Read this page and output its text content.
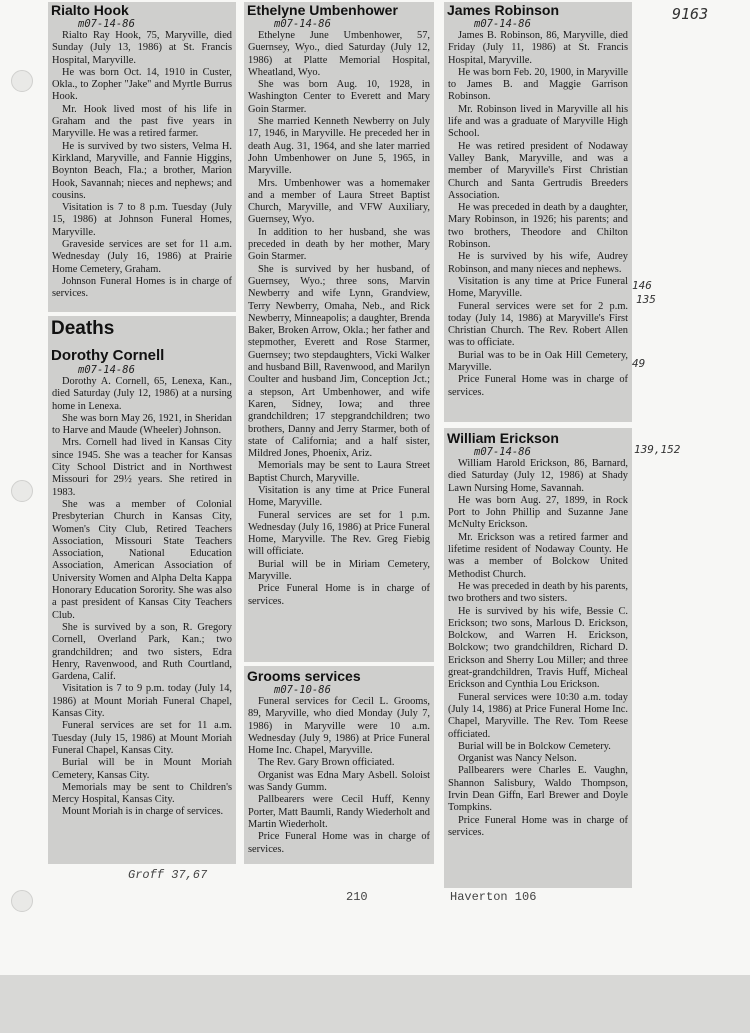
9163
Rialto Hook
m07-14-86

Rialto Ray Hook, 75, Maryville, died Sunday (July 13, 1986) at St. Francis Hospital, Maryville.

He was born Oct. 14, 1910 in Custer, Okla., to Zopher "Jake" and Myrtle Burrus Hook.

Mr. Hook lived most of his life in Graham and the past five years in Maryville. He was a retired farmer.

He is survived by two sisters, Velma H. Kirkland, Maryville, and Fannie Higgins, Boynton Beach, Fla.; a brother, Marion Hook, Savannah; nieces and nephews; and cousins.

Visitation is 7 to 8 p.m. Tuesday (July 15, 1986) at Johnson Funeral Homes, Maryville.

Graveside services are set for 11 a.m. Wednesday (July 16, 1986) at Prairie Home Cemetery, Graham.

Johnson Funeral Homes is in charge of services.

Deaths
Dorothy Cornell
m07-14-86

Dorothy A. Cornell, 65, Lenexa, Kan., died Saturday (July 12, 1986) at a nursing home in Lenexa.

She was born May 26, 1921, in Sheridan to Harve and Maude (Wheeler) Johnson.

Mrs. Cornell had lived in Kansas City since 1945. She was a teacher for Kansas City School District and in Northwest Missouri for 29½ years. She retired in 1983.

She was a member of Colonial Presbyterian Church in Kansas City, Women's City Club, Retired Teachers Association, Missouri State Teachers Association, National Education Association, American Association of University Women and Alpha Delta Kappa Honorary Education Sorority. She was also a past president of Kansas City Teachers Club.

She is survived by a son, R. Gregory Cornell, Overland Park, Kan.; two grandchildren; and two sisters, Edra Henry, Ravenwood, and Ruth Courtland, Gardena, Calif.

Visitation is 7 to 9 p.m. today (July 14, 1986) at Mount Moriah Funeral Chapel, Kansas City.

Funeral services are set for 11 a.m. Tuesday (July 15, 1986) at Mount Moriah Funeral Chapel, Kansas City.

Burial will be in Mount Moriah Cemetery, Kansas City.

Memorials may be sent to Children's Mercy Hospital, Kansas City.

Mount Moriah is in charge of services.

Ethelyne Umbenhower
m07-14-86

Ethelyne June Umbenhower, 57, Guernsey, Wyo., died Saturday (July 12, 1986) at Platte Memorial Hospital, Wheatland, Wyo.

She was born Aug. 10, 1928, in Washington Center to Everett and Mary Goin Starmer.

She married Kenneth Newberry on July 17, 1946, in Maryville. He preceded her in death Aug. 31, 1964, and she later married John Umbenhower on June 5, 1965, in Maryville.

Mrs. Umbenhower was a homemaker and a member of Laura Street Baptist Church, Maryville, and VFW Auxiliary, Guernsey, Wyo.

In addition to her husband, she was preceded in death by her mother, Mary Goin Starmer.

She is survived by her husband, of Guernsey, Wyo.; three sons, Marvin Newberry and wife Lynn, Grandview, Terry Newberry, Omaha, Neb., and Rick Newberry, Minneapolis; a daughter, Brenda Baker, Broken Arrow, Okla.; her father and stepmother, Everett and Rose Starmer, Guernsey; two stepdaughters, Vicki Walker and husband Bill, Ravenwood, and Marilyn Coulter and husband Jim, Conception Jct.; a stepson, Art Umbenhower, and wife Karen, Sidney, Iowa; and three grandchildren; 17 stepgrandchildren; two brothers, Danny and Jerry Starmer, both of state of California; and a half sister, Mildred Jones, Phoenix, Ariz.

Memorials may be sent to Laura Street Baptist Church, Maryville.

Visitation is any time at Price Funeral Home, Maryville.

Funeral services are set for 1 p.m. Wednesday (July 16, 1986) at Price Funeral Home, Maryville. The Rev. Greg Fiebig will officiate.

Burial will be in Miriam Cemetery, Maryville.

Price Funeral Home is in charge of services.

Grooms services
m07-10-86

Funeral services for Cecil L. Grooms, 89, Maryville, who died Monday (July 7, 1986) in Maryville were 10 a.m. Wednesday (July 9, 1986) at Price Funeral Home Inc. Chapel, Maryville.

The Rev. Gary Brown officiated.

Organist was Edna Mary Asbell. Soloist was Sandy Gumm.

Pallbearers were Cecil Huff, Kenny Porter, Matt Baumli, Randy Wiederholt and Martin Wiederholt.

Price Funeral Home was in charge of services.

James Robinson
m07-14-86

James B. Robinson, 86, Maryville, died Friday (July 11, 1986) at St. Francis Hospital, Maryville.

He was born Feb. 20, 1900, in Maryville to James B. and Maggie Garrison Robinson.

Mr. Robinson lived in Maryville all his life and was a graduate of Maryville High School.

He was retired president of Nodaway Valley Bank, Maryville, and was a member of Maryville's First Christian Church and Santa Gertrudis Breeders Association.

He was preceded in death by a daughter, Mary Robinson, in 1926; his parents; and two brothers, Theodore and Chilton Robinson.

He is survived by his wife, Audrey Robinson, and many nieces and nephews.

Visitation is any time at Price Funeral Home, Maryville.

Funeral services were set for 2 p.m. today (July 14, 1986) at Maryville's First Christian Church. The Rev. Robert Allen was to officiate.

Burial was to be in Oak Hill Cemetery, Maryville.

Price Funeral Home was in charge of services.

William Erickson
m07-14-86

William Harold Erickson, 86, Barnard, died Saturday (July 12, 1986) at Shady Lawn Nursing Home, Savannah.

He was born Aug. 27, 1899, in Rock Port to John Phillip and Suzanne Jane McNulty Erickson.

Mr. Erickson was a retired farmer and lifetime resident of Nodaway County. He was a member of Bolckow United Methodist Church.

He was preceded in death by his parents, two brothers and two sisters.

He is survived by his wife, Bessie C. Erickson; two sons, Marlous D. Erickson, Bolckow, and Warren H. Erickson, Bolckow; two grandchildren, Richard D. Erickson and Sherry Lou Miller; and three great-grandchildren, Travis Huff, Micheal Erickson and Cynthia Lou Erickson.

Funeral services were 10:30 a.m. today (July 14, 1986) at Price Funeral Home Inc. Chapel, Maryville. The Rev. Tom Reese officiated.

Burial will be in Bolckow Cemetery.

Organist was Nancy Nelson.

Pallbearers were Charles E. Vaughn, Shannon Salisbury, Waldo Thompson, Irvin Dean Giffn, Earl Brewer and Doyle Tompkins.

Price Funeral Home was in charge of services.

146
135
49
139,152
Groff 37,67
210	Haverton 106
